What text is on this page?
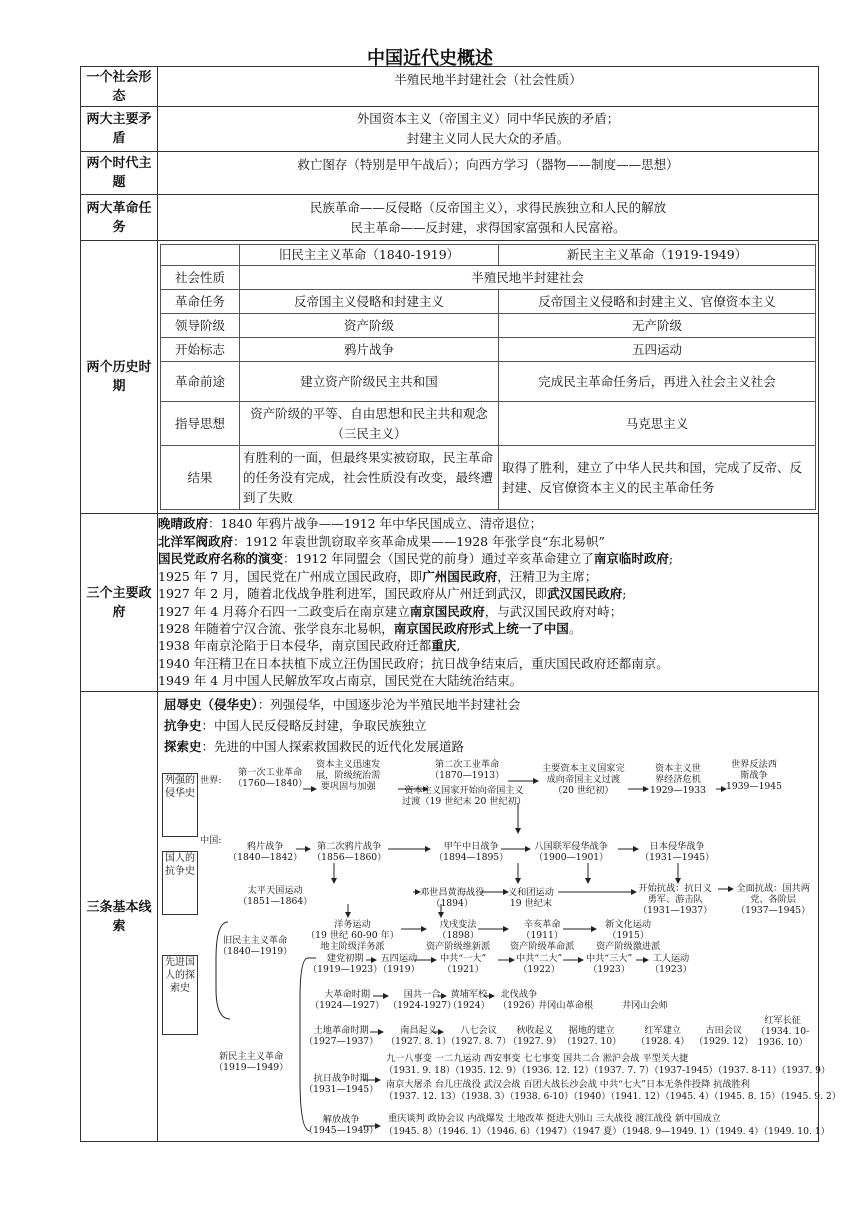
中国近代史概述
一个社会形态	半殖民地半封建社会（社会性质）
两大主要矛盾	
外国资本主义（帝国主义）同中华民族的矛盾；
封建主义同人民大众的矛盾。

两个时代主题	救亡图存（特别是甲午战后）；向西方学习（器物——制度——思想）
两大革命任务	
民族革命——反侵略（反帝国主义），求得民族独立和人民的解放
民主革命——反封建，求得国家富强和人民富裕。

两个历史时期	
	旧民主主义革命（1840-1919）	新民主主义革命（1919-1949）
社会性质	半殖民地半封建社会
革命任务	反帝国主义侵略和封建主义	反帝国主义侵略和封建主义、官僚资本主义
领导阶级	资产阶级	无产阶级
开始标志	鸦片战争	五四运动
革命前途	建立资产阶级民主共和国	完成民主革命任务后，再进入社会主义社会
指导思想	资产阶级的平等、自由思想和民主共和观念（三民主义）	马克思主义
结果	有胜利的一面，但最终果实被窃取，民主革命的任务没有完成，社会性质没有改变，最终遭到了失败	取得了胜利，建立了中华人民共和国，完成了反帝、反封建、反官僚资本主义的民主革命任务

三个主要政府	
晚晴政府：1840 年鸦片战争——1912 年中华民国成立、清帝退位；
北洋军阀政府：1912 年袁世凯窃取辛亥革命成果——1928 年张学良“东北易帜”
国民党政府名称的演变：1912 年同盟会（国民党的前身）通过辛亥革命建立了南京临时政府;
1925 年 7 月，国民党在广州成立国民政府，即广州国民政府，汪精卫为主席；
1927 年 2 月，随着北伐战争胜利进军，国民政府从广州迁到武汉，即武汉国民政府;
1927 年 4 月蒋介石四一二政变后在南京建立南京国民政府，与武汉国民政府对峙；
1928 年随着宁汉合流、张学良东北易帜，南京国民政府形式上统一了中国。
1938 年南京沦陷于日本侵华，南京国民政府迁都重庆,
1940 年汪精卫在日本扶植下成立汪伪国民政府；抗日战争结束后，重庆国民政府还都南京。
1949 年 4 月中国人民解放军攻占南京，国民党在大陆统治结束。

三条基本线索	
屈辱史（侵华史）：列强侵华，中国逐步沦为半殖民地半封建社会
抗争史：中国人民反侵略反封建，争取民族独立
探索史：先进的中国人探索救国救民的近代化发展道路
列强的侵华史
国人的抗争史
先进国人的探索史
世界:
中国:
第一次工业革命
（1760—1840）
资本主义迅速发
展，阶级统治需
要巩固与加强
第二次工业革命
（1870—1913）
资本主义国家开始向帝国主义
过渡（19 世纪末 20 世纪初）
主要资本主义国家完
成向帝国主义过渡
（20 世纪初）
资本主义世
界经济危机
1929—1933
世界反法西
斯战争
1939—1945
鸦片战争
（1840—1842）
第二次鸦片战争
（1856—1860）
甲午中日战争
（1894—1895）
八国联军侵华战争
（1900—1901）
日本侵华战争
（1931—1945）
太平天国运动
（1851—1864）
邓世昌黄海战役
（1894）
义和团运动
19 世纪末
开始抗战：抗日义
勇军、游击队
（1931—1937）
全面抗战：国共两
党、各阶层
（1937—1945）
洋务运动
（19 世纪 60-90 年）
地主阶级洋务派
戊戌变法
（1898）
资产阶级维新派
辛亥革命
（1911）
资产阶级革命派
新文化运动
（1915）
资产阶级激进派
旧民主主义革命
（1840—1919）
新民主主义革命
（1919—1949）
建党初期
（1919—1923）
五四运动
（1919）
中共“一大”
（1921）
中共“二大”
（1922）
中共“三大”
（1923）
工人运动
（1923）
大革命时期
（1924—1927）
国共一合
（1924-1927）
黄埔军校
（1924）
北伐战争
（1926）
井冈山革命根	井冈山会师
土地革命时期
（1927—1937）
南昌起义
（1927. 8. 1）
八七会议
（1927. 8. 7）
秋收起义
（1927. 9）
据地的建立
（1927. 10）
红军建立
（1928. 4）
古田会议
（1929. 12）
红军长征
（1934. 10-
1936. 10）
抗日战争时期
（1931—1945）
九一八事变 一二九运动 西安事变 七七事变 国共二合 淞沪会战 平型关大捷
（1931. 9. 18）（1935. 12. 9）（1936. 12. 12）（1937. 7. 7）（1937-1945）（1937. 8-11）（1937. 9）
南京大屠杀 台儿庄战役 武汉会战 百团大战长沙会战 中共“七大”日本无条件投降 抗战胜利
（1937. 12. 13）（1938. 3）（1938. 6-10）（1940）（1941. 12）（1945. 4）（1945. 8. 15）（1945. 9. 2）
解放战争
（1945—1949）
重庆谈判 政协会议 内战爆发 土地改革 挺进大别山 三大战役 渡江战役 新中国成立
（1945. 8）（1946. 1）（1946. 6）（1947）（1947 夏）（1948. 9—1949. 1）（1949. 4）（1949. 10. 1）
